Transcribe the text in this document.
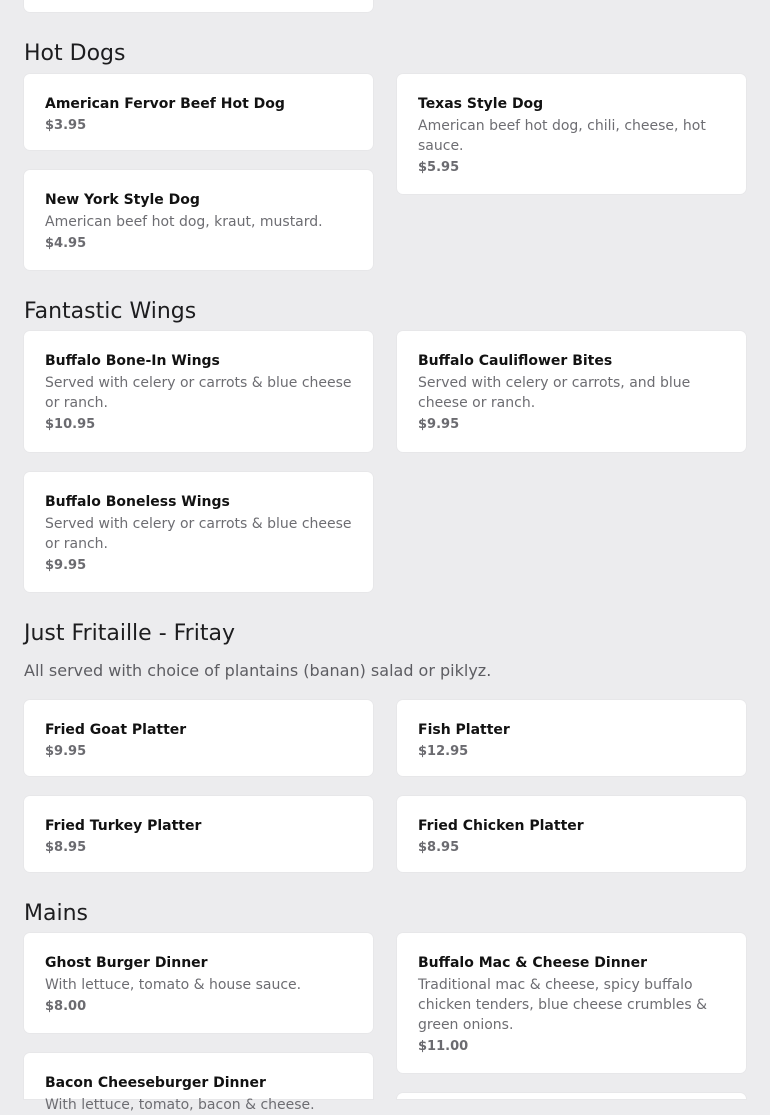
Hot Dogs
American Fervor Beef Hot Dog
$3.95
Texas Style Dog
American beef hot dog, chili, cheese, hot sauce.
$5.95
New York Style Dog
American beef hot dog, kraut, mustard.
$4.95
Fantastic Wings
Buffalo Bone-In Wings
Served with celery or carrots & blue cheese or ranch.
$10.95
Buffalo Cauliflower Bites
Served with celery or carrots, and blue cheese or ranch.
$9.95
Buffalo Boneless Wings
Served with celery or carrots & blue cheese or ranch.
$9.95
Just Fritaille - Fritay

All served with choice of plantains (banan) salad or piklyz.

Fried Goat Platter
$9.95
Fish Platter
$12.95
Fried Turkey Platter
$8.95
Fried Chicken Platter
$8.95
Mains
Ghost Burger Dinner
With lettuce, tomato & house sauce.
$8.00
Buffalo Mac & Cheese Dinner
Traditional mac & cheese, spicy buffalo chicken tenders, blue cheese crumbles & green onions.
$11.00
Bacon Cheeseburger Dinner
With lettuce, tomato, bacon & cheese.
